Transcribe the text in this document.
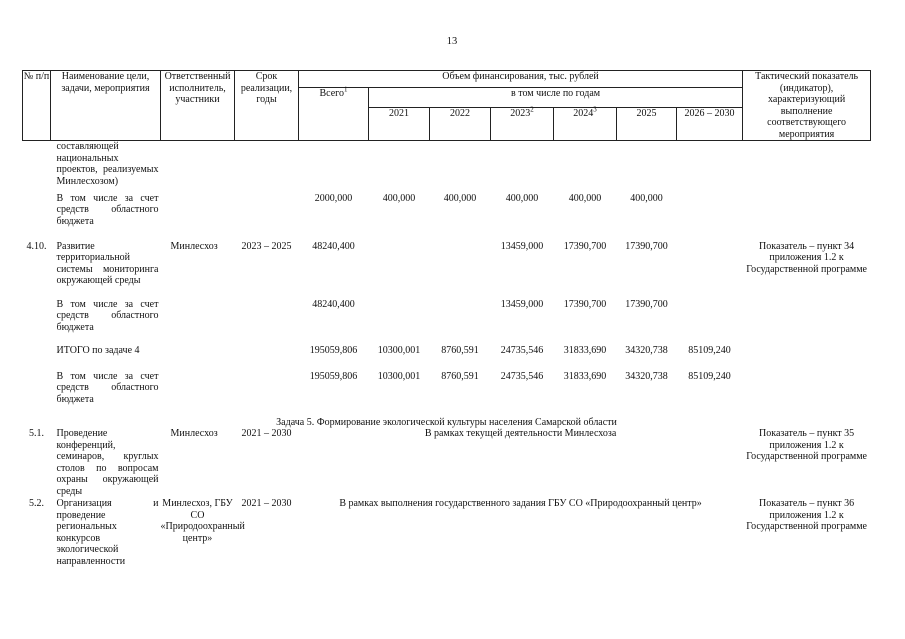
13
№ п/п	Наименование цели, задачи, мероприятия	Ответственный исполнитель, участники	Срок реализации, годы	Объем финансирования, тыс. рублей							Тактический показатель (индикатор), характеризующий выполнение соответствующего мероприятия
				Всего$^1$	в том числе по годам						
					2021	2022	2023$^2$	2024$^3$	2025	2026 – 2030	
	составляющей национальных проектов, реализуемых Минлесхозом)										
	В том числе за счет средств областного бюджета			2000,000	400,000	400,000	400,000	400,000	400,000		
4.10.	Развитие территориальной системы мониторинга окружающей среды	Минлесхоз	2023 – 2025	48240,400			13459,000	17390,700	17390,700		Показатель – пункт 34 приложения 1.2 к Государственной программе
	В том числе за счет средств областного бюджета			48240,400			13459,000	17390,700	17390,700		
	ИТОГО по задаче 4			195059,806	10300,001	8760,591	24735,546	31833,690	34320,738	85109,240	
	В том числе за счет средств областного бюджета			195059,806	10300,001	8760,591	24735,546	31833,690	34320,738	85109,240	
Задача 5. Формирование экологической культуры населения Самарской области											
5.1.	Проведение конференций, семинаров, круглых столов по вопросам охраны окружающей среды	Минлесхоз	2021 – 2030	В рамках текущей деятельности Минлесхоза							Показатель – пункт 35 приложения 1.2 к Государственной программе
5.2.	Организация и проведение региональных конкурсов экологической направленности	Минлесхоз, ГБУ СО «Природоохранный центр»	2021 – 2030	В рамках выполнения государственного задания ГБУ СО «Природоохранный центр»							Показатель – пункт 36 приложения 1.2 к Государственной программе
